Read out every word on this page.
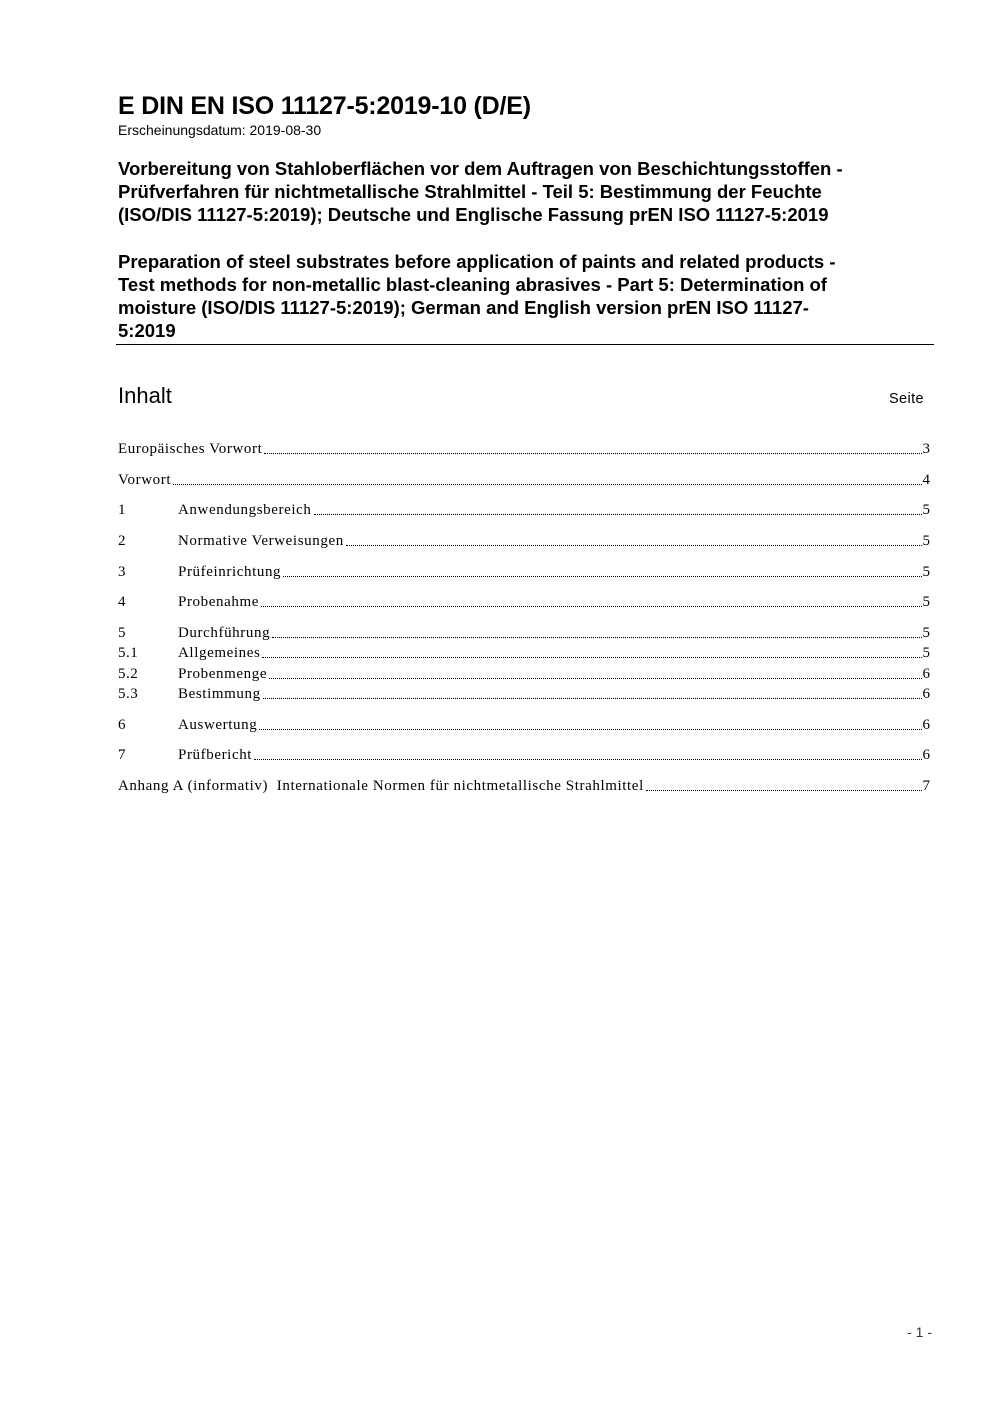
E DIN EN ISO 11127-5:2019-10 (D/E)
Erscheinungsdatum: 2019-08-30
Vorbereitung von Stahloberflächen vor dem Auftragen von Beschichtungsstoffen -
Prüfverfahren für nichtmetallische Strahlmittel - Teil 5: Bestimmung der Feuchte
(ISO/DIS 11127-5:2019); Deutsche und Englische Fassung prEN ISO 11127-5:2019
Preparation of steel substrates before application of paints and related products -
Test methods for non-metallic blast-cleaning abrasives - Part 5: Determination of
moisture (ISO/DIS 11127-5:2019); German and English version prEN ISO 11127-
5:2019
Inhalt	Seite
Europäisches Vorwort	3
Vorwort	4
1	Anwendungsbereich	5
2	Normative Verweisungen	5
3	Prüfeinrichtung	5
4	Probenahme	5
5	Durchführung	5
5.1	Allgemeines	5
5.2	Probenmenge	6
5.3	Bestimmung	6
6	Auswertung	6
7	Prüfbericht	6
Anhang A (informativ)  Internationale Normen für nichtmetallische Strahlmittel	7
- 1 -
